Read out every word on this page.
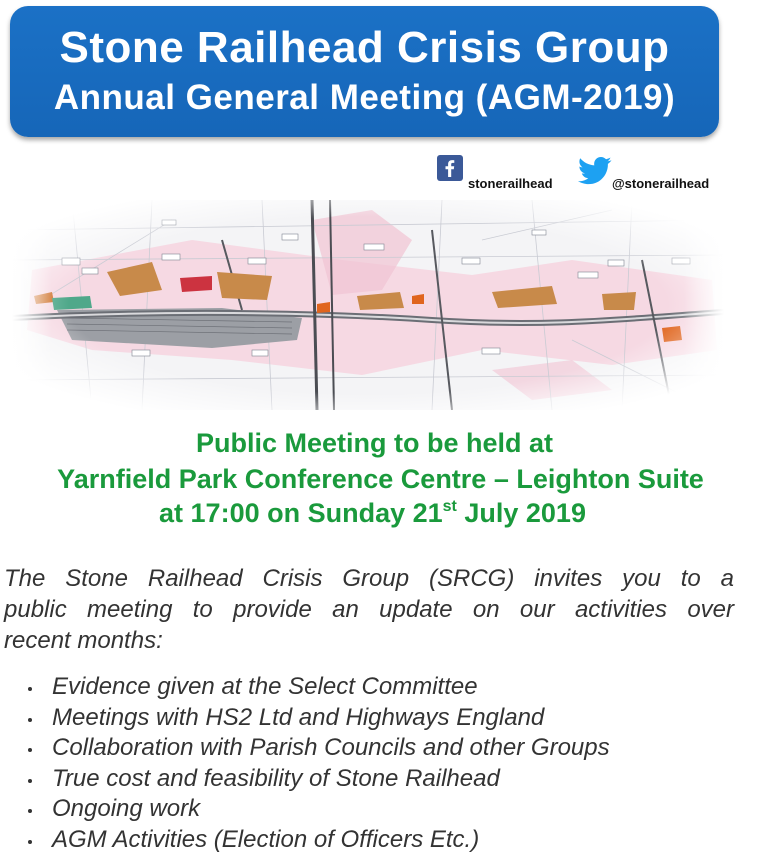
Stone Railhead Crisis Group
Annual General Meeting (AGM-2019)
stonerailhead	@stonerailhead
Public Meeting to be held at
Yarnfield Park Conference Centre – Leighton Suite
at 17:00 on Sunday 21st July 2019
The Stone Railhead Crisis Group (SRCG) invites you to a
public meeting to provide an update on our activities over
recent months:
Evidence given at the Select Committee
Meetings with HS2 Ltd and Highways England
Collaboration with Parish Councils and other Groups
True cost and feasibility of Stone Railhead
Ongoing work
AGM Activities (Election of Officers Etc.)
